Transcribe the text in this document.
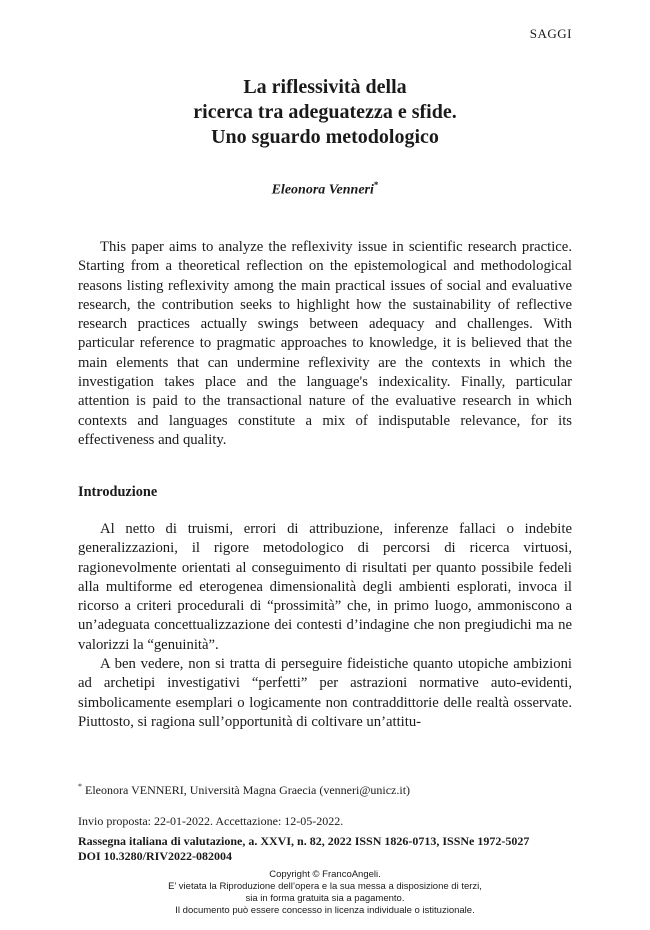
SAGGI
La riflessività della
ricerca tra adeguatezza e sfide.
Uno sguardo metodologico

Eleonora Venneri*

This paper aims to analyze the reflexivity issue in scientific research practice. Starting from a theoretical reflection on the epistemological and methodological reasons listing reflexivity among the main practical issues of social and evaluative research, the contribution seeks to highlight how the sustainability of reflective research practices actually swings between adequacy and challenges. With particular reference to pragmatic approaches to knowledge, it is believed that the main elements that can undermine reflexivity are the contexts in which the investigation takes place and the language's indexicality. Finally, particular attention is paid to the transactional nature of the evaluative research in which contexts and languages constitute a mix of indisputable relevance, for its effectiveness and quality.

Introduzione

Al netto di truismi, errori di attribuzione, inferenze fallaci o indebite generalizzazioni, il rigore metodologico di percorsi di ricerca virtuosi, ragionevolmente orientati al conseguimento di risultati per quanto possibile fedeli alla multiforme ed eterogenea dimensionalità degli ambienti esplorati, invoca il ricorso a criteri procedurali di “prossimità” che, in primo luogo, ammoniscono a un’adeguata concettualizzazione dei contesti d’indagine che non pregiudichi ma ne valorizzi la “genuinità”.

A ben vedere, non si tratta di perseguire fideistiche quanto utopiche ambizioni ad archetipi investigativi “perfetti” per astrazioni normative auto-evidenti, simbolicamente esemplari o logicamente non contraddittorie delle realtà osservate. Piuttosto, si ragiona sull’opportunità di coltivare un’attitu-

* Eleonora VENNERI, Università Magna Graecia (venneri@unicz.it)

Invio proposta: 22-01-2022. Accettazione: 12-05-2022.

Rassegna italiana di valutazione, a. XXVI, n. 82, 2022 ISSN 1826-0713, ISSNe 1972-5027
DOI 10.3280/RIV2022-082004
Copyright © FrancoAngeli.
E’ vietata la Riproduzione dell’opera e la sua messa a disposizione di terzi,
sia in forma gratuita sia a pagamento.
Il documento può essere concesso in licenza individuale o istituzionale.
